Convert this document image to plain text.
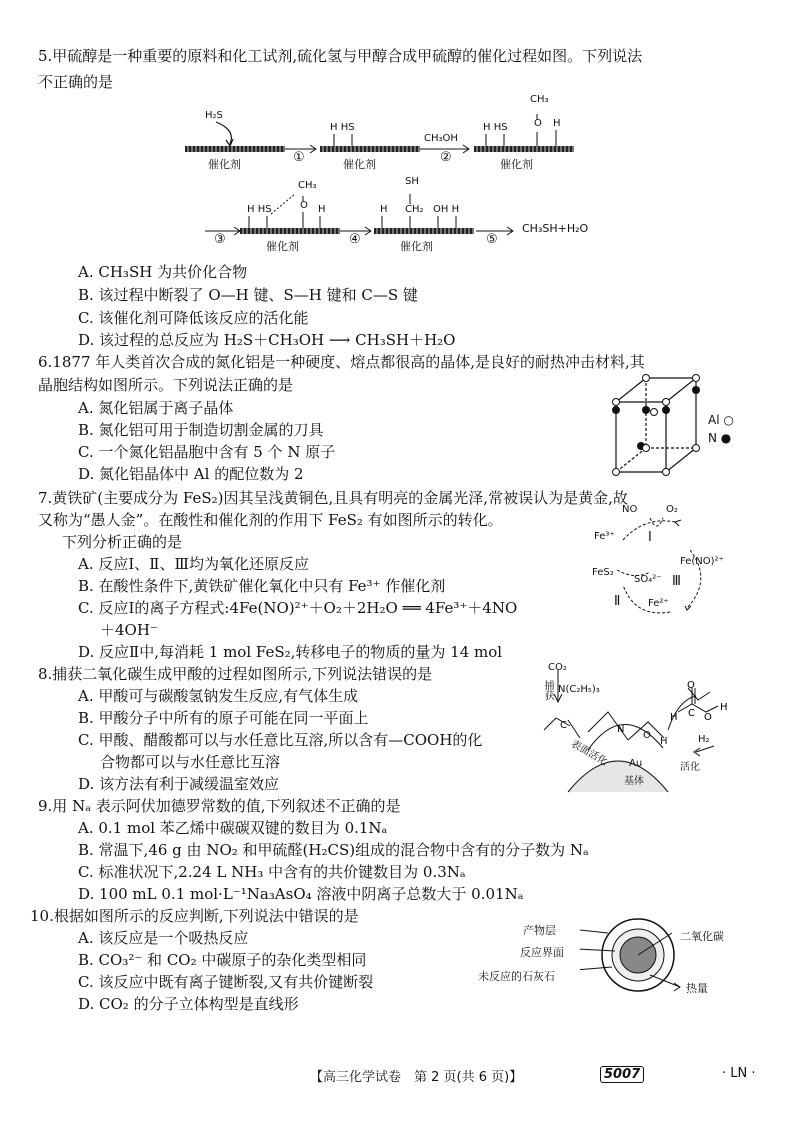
5.甲硫醇是一种重要的原料和化工试剂,硫化氢与甲醇合成甲硫醇的催化过程如图。下列说法
不正确的是
H₂S
催化剂	①
H HS
催化剂
CH₃OH
②
CH₃
H HS	O H
催化剂
③
CH₃
H HS	O H
催化剂	④
SH
H CH₂ OH H
催化剂	⑤
CH₃SH+H₂O
A. CH₃SH 为共价化合物
B. 该过程中断裂了 O—H 键、S—H 键和 C—S 键
C. 该催化剂可降低该反应的活化能
D. 该过程的总反应为 H₂S＋CH₃OH ⟶ CH₃SH＋H₂O
6.1877 年人类首次合成的氮化铝是一种硬度、熔点都很高的晶体,是良好的耐热冲击材料,其
晶胞结构如图所示。下列说法正确的是
A. 氮化铝属于离子晶体
B. 氮化铝可用于制造切割金属的刀具
C. 一个氮化铝晶胞中含有 5 个 N 原子
D. 氮化铝晶体中 Al 的配位数为 2
Al ○
N ●
7.黄铁矿(主要成分为 FeS₂)因其呈浅黄铜色,且具有明亮的金属光泽,常被误认为是黄金,故
又称为“愚人金”。在酸性和催化剂的作用下 FeS₂ 有如图所示的转化。
下列分析正确的是
A. 反应Ⅰ、Ⅱ、Ⅲ均为氧化还原反应
B. 在酸性条件下,黄铁矿催化氧化中只有 Fe³⁺ 作催化剂
C. 反应Ⅰ的离子方程式:4Fe(NO)²⁺＋O₂＋2H₂O ══ 4Fe³⁺＋4NO
＋4OH⁻
D. 反应Ⅱ中,每消耗 1 mol FeS₂,转移电子的物质的量为 14 mol
NO	O₂
Fe³⁺	Ⅰ
Fe(NO)²⁺
FeS₂
SO₄²⁻ Ⅲ
Ⅱ	Fe²⁺
8.捕获二氧化碳生成甲酸的过程如图所示,下列说法错误的是
A. 甲酸可与碳酸氢钠发生反应,有气体生成
B. 甲酸分子中所有的原子可能在同一平面上
C. 甲酸、醋酸都可以与水任意比互溶,所以含有—COOH的化
合物都可以与水任意比互溶
D. 该方法有利于减缓温室效应
CO₂
捕获 N(C₂H₅)₃
C	N
O
H
表面活化	H₂
活化
Au
基体
O
H C O
H
9.用 Nₐ 表示阿伏加德罗常数的值,下列叙述不正确的是
A. 0.1 mol 苯乙烯中碳碳双键的数目为 0.1Nₐ
B. 常温下,46 g 由 NO₂ 和甲硫醛(H₂CS)组成的混合物中含有的分子数为 Nₐ
C. 标准状况下,2.24 L NH₃ 中含有的共价键数目为 0.3Nₐ
D. 100 mL 0.1 mol·L⁻¹Na₃AsO₄ 溶液中阴离子总数大于 0.01Nₐ
10.根据如图所示的反应判断,下列说法中错误的是
A. 该反应是一个吸热反应
B. CO₃²⁻ 和 CO₂ 中碳原子的杂化类型相同
C. 该反应中既有离子键断裂,又有共价键断裂
D. CO₂ 的分子立体构型是直线形
产物层
反应界面
未反应的石灰石
二氧化碳
热量
【高三化学试卷　第 2 页(共 6 页)】	5007	· LN ·
